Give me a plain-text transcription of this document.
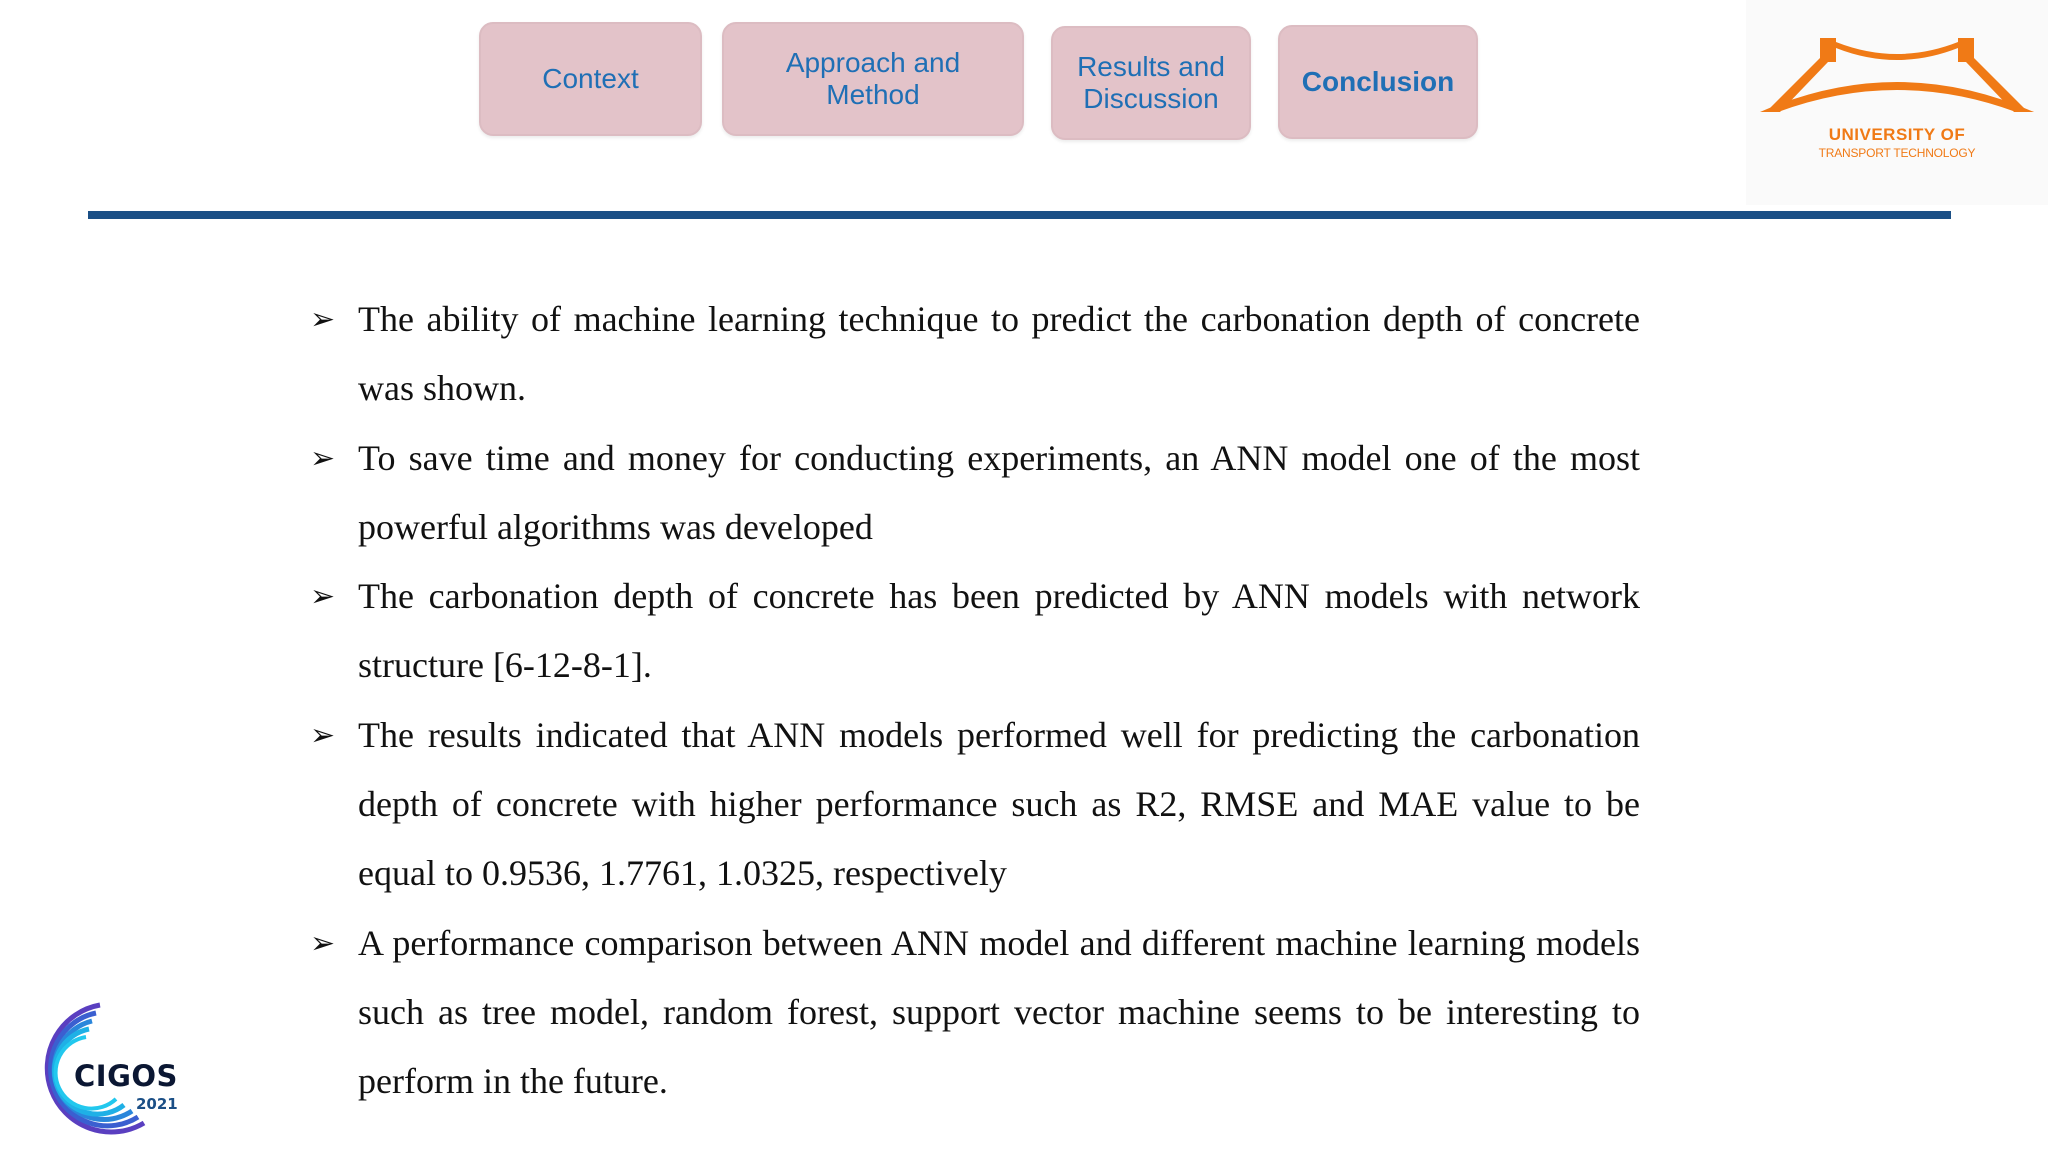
Context
Approach and
Method
Results and
Discussion
Conclusion
UNIVERSITY OF
TRANSPORT TECHNOLOGY
➢ The ability of machine learning technique to predict the carbonation depth of concrete was shown.
➢ To save time and money for conducting experiments, an ANN model one of the most powerful algorithms was developed
➢ The carbonation depth of concrete has been predicted by ANN models with network structure [6-12-8-1].
➢ The results indicated that ANN models performed well for predicting the carbonation depth of concrete with higher performance such as R2, RMSE and MAE value to be equal to 0.9536, 1.7761, 1.0325, respectively
➢ A performance comparison between ANN model and different machine learning models such as tree model, random forest, support vector machine seems to be interesting to perform in the future.
CIGOS
2021
